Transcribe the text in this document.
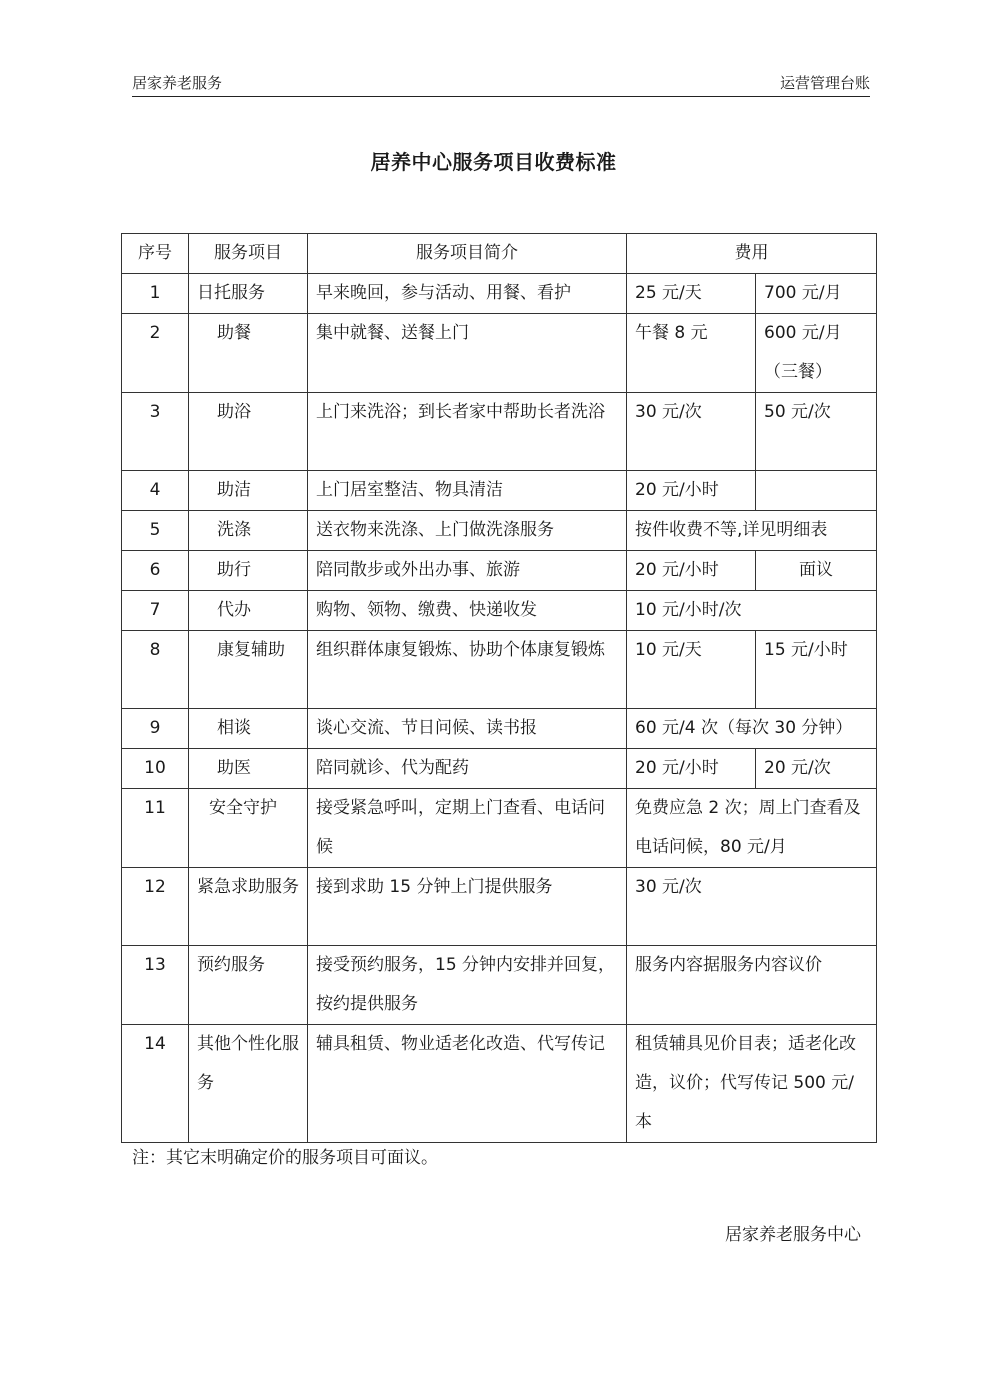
居家养老服务	运营管理台账
居养中心服务项目收费标准
序号	服务项目	服务项目简介	费用	
1	日托服务	早来晚回，参与活动、用餐、看护	25 元/天	700 元/月
2	助餐	集中就餐、送餐上门	午餐 8 元	600 元/月（三餐）
3	助浴	上门来洗浴；到长者家中帮助长者洗浴	30 元/次	50 元/次
4	助洁	上门居室整洁、物具清洁	20 元/小时	
5	洗涤	送衣物来洗涤、上门做洗涤服务	按件收费不等,详见明细表	
6	助行	陪同散步或外出办事、旅游	20 元/小时	面议
7	代办	购物、领物、缴费、快递收发	10 元/小时/次	
8	康复辅助	组织群体康复锻炼、协助个体康复锻炼	10 元/天	15 元/小时
9	相谈	谈心交流、节日问候、读书报	60 元/4 次（每次 30 分钟）	
10	助医	陪同就诊、代为配药	20 元/小时	20 元/次
11	安全守护	接受紧急呼叫，定期上门查看、电话问候	免费应急 2 次；周上门查看及电话问候，80 元/月	
12	紧急求助服务	接到求助 15 分钟上门提供服务	30 元/次	
13	预约服务	接受预约服务，15 分钟内安排并回复，按约提供服务	服务内容据服务内容议价	
14	其他个性化服务	辅具租赁、物业适老化改造、代写传记	租赁辅具见价目表；适老化改造，议价；代写传记 500 元/本	
注：其它末明确定价的服务项目可面议。
居家养老服务中心
